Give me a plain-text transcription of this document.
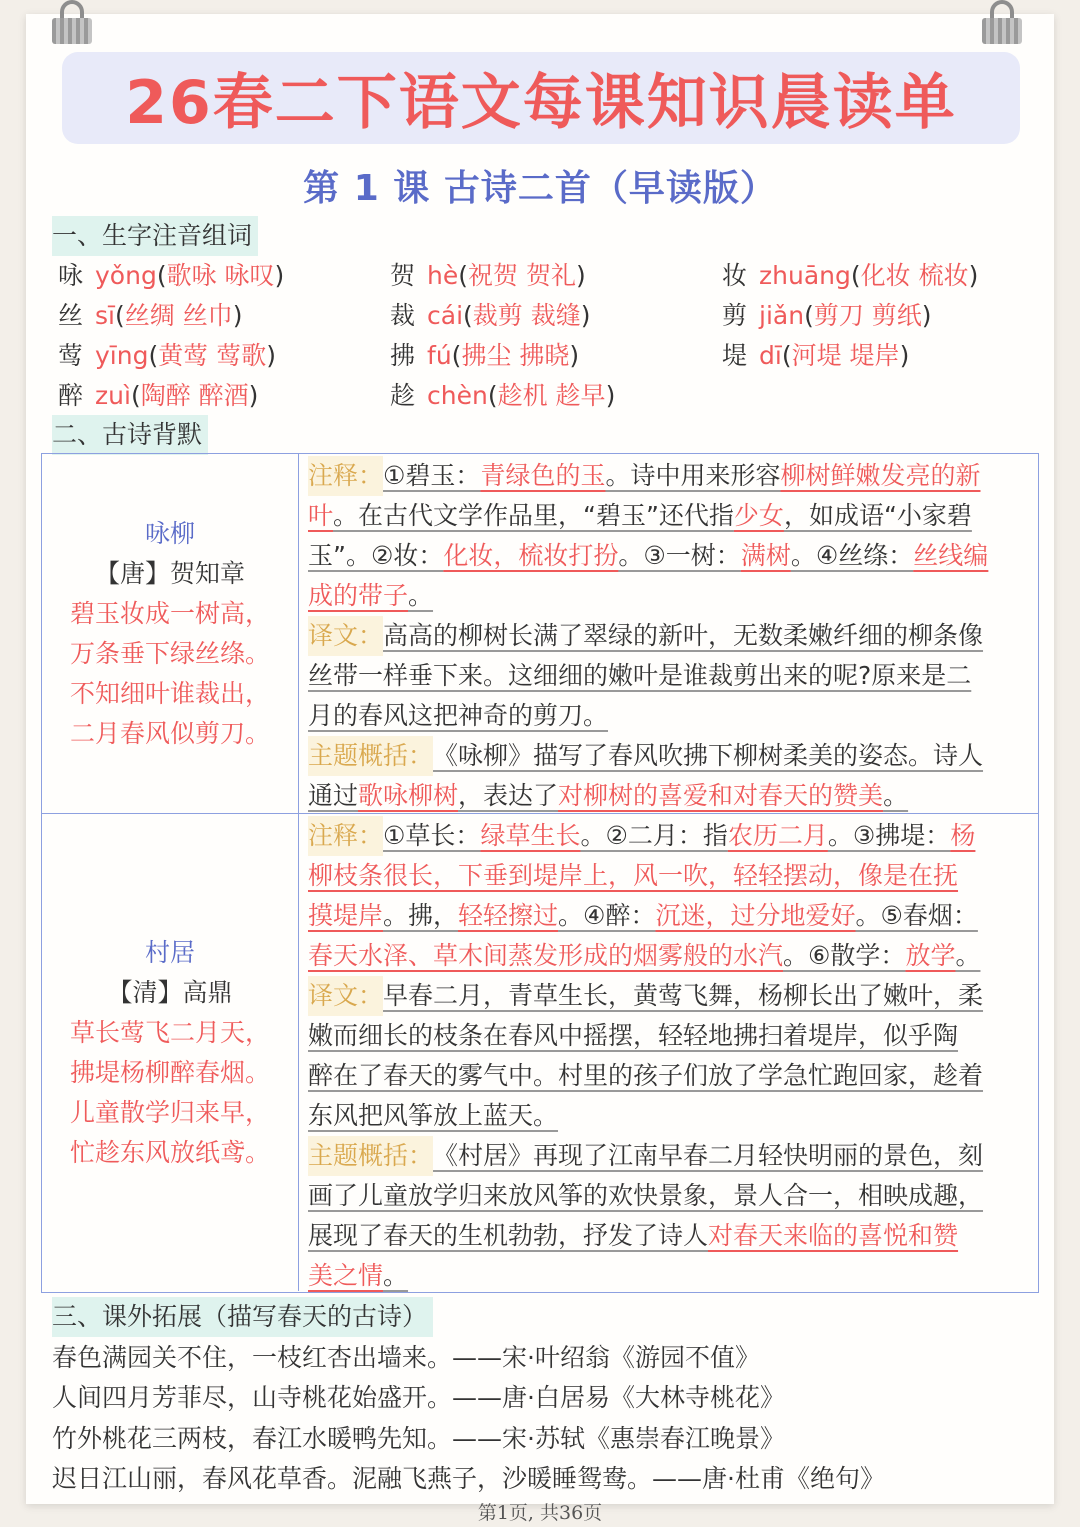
26春二下语文每课知识晨读单
第 1 课 古诗二首（早读版）
一、生字注音组词
咏 yǒng(歌咏 咏叹)	贺 hè(祝贺 贺礼)	妆 zhuāng(化妆 梳妆)
丝 sī(丝绸 丝巾)	裁 cái(裁剪 裁缝)	剪 jiǎn(剪刀 剪纸)
莺 yīng(黄莺 莺歌)	拂 fú(拂尘 拂晓)	堤 dī(河堤 堤岸)
醉 zuì(陶醉 醉酒)	趁 chèn(趁机 趁早)
二、古诗背默
咏柳
【唐】贺知章
碧玉妆成一树高，
万条垂下绿丝绦。
不知细叶谁裁出，
二月春风似剪刀。
注释：①碧玉：青绿色的玉。诗中用来形容柳树鲜嫩发亮的新
叶。在古代文学作品里，“碧玉”还代指少女，如成语“小家碧
玉”。②妆：化妆，梳妆打扮。③一树：满树。④丝绦：丝线编
成的带子。
译文：高高的柳树长满了翠绿的新叶，无数柔嫩纤细的柳条像
丝带一样垂下来。这细细的嫩叶是谁裁剪出来的呢?原来是二
月的春风这把神奇的剪刀。
主题概括：《咏柳》描写了春风吹拂下柳树柔美的姿态。诗人
通过歌咏柳树，表达了对柳树的喜爱和对春天的赞美。
村居
【清】高鼎
草长莺飞二月天，
拂堤杨柳醉春烟。
儿童散学归来早，
忙趁东风放纸鸢。
注释：①草长：绿草生长。②二月：指农历二月。③拂堤：杨
柳枝条很长，下垂到堤岸上，风一吹，轻轻摆动，像是在抚
摸堤岸。拂，轻轻擦过。④醉：沉迷，过分地爱好。⑤春烟：
春天水泽、草木间蒸发形成的烟雾般的水汽。⑥散学：放学。
译文：早春二月，青草生长，黄莺飞舞，杨柳长出了嫩叶，柔
嫩而细长的枝条在春风中摇摆，轻轻地拂扫着堤岸，似乎陶
醉在了春天的雾气中。村里的孩子们放了学急忙跑回家，趁着
东风把风筝放上蓝天。
主题概括：《村居》再现了江南早春二月轻快明丽的景色，刻
画了儿童放学归来放风筝的欢快景象，景人合一，相映成趣，
展现了春天的生机勃勃，抒发了诗人对春天来临的喜悦和赞
美之情。
三、课外拓展（描写春天的古诗）
春色满园关不住，一枝红杏出墙来。——宋·叶绍翁《游园不值》
人间四月芳菲尽，山寺桃花始盛开。——唐·白居易《大林寺桃花》
竹外桃花三两枝，春江水暖鸭先知。——宋·苏轼《惠崇春江晚景》
迟日江山丽，春风花草香。泥融飞燕子，沙暖睡鸳鸯。——唐·杜甫《绝句》
第1页, 共36页
